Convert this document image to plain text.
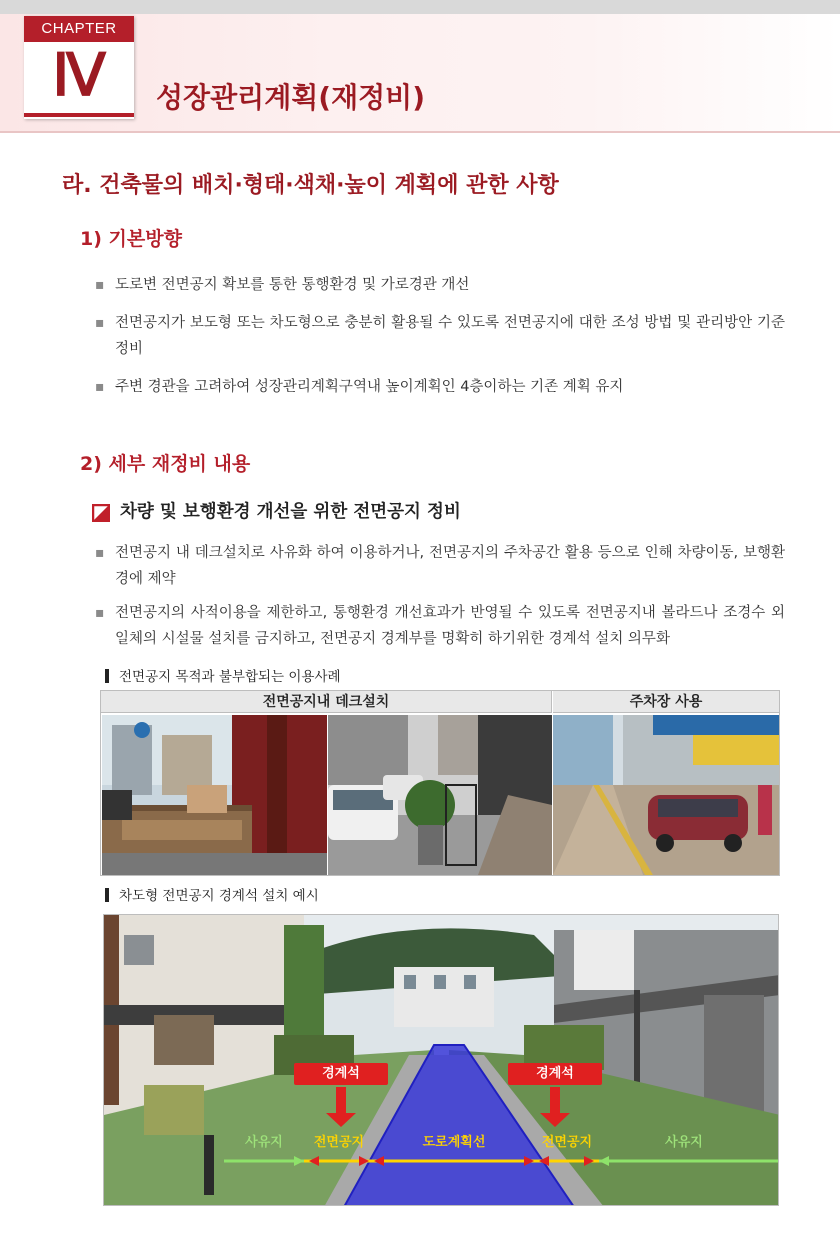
CHAPTER
Ⅳ	성장관리계획(재정비)
라. 건축물의 배치·형태·색채·높이 계획에 관한 사항
1) 기본방향
▪ 도로변 전면공지 확보를 통한 통행환경 및 가로경관 개선
▪ 전면공지가 보도형 또는 차도형으로 충분히 활용될 수 있도록 전면공지에 대한 조성 방법 및 관리방안 기준 정비
▪ 주변 경관을 고려하여 성장관리계획구역내 높이계획인 4층이하는 기존 계획 유지
2) 세부 재정비 내용
차량 및 보행환경 개선을 위한 전면공지 정비
▪ 전면공지 내 데크설치로 사유화 하여 이용하거나, 전면공지의 주차공간 활용 등으로 인해 차량이동, 보행환경에 제약
▪ 전면공지의 사적이용을 제한하고, 통행환경 개선효과가 반영될 수 있도록 전면공지내 볼라드나 조경수 외 일체의 시설물 설치를 금지하고, 전면공지 경계부를 명확히 하기위한 경계석 설치 의무화
전면공지 목적과 불부합되는 이용사례
전면공지내 데크설치	주차장 사용
차도형 전면공지 경계석 설치 예시
경계석	경계석
사유지	전면공지	도로계획선	전면공지	사유지
